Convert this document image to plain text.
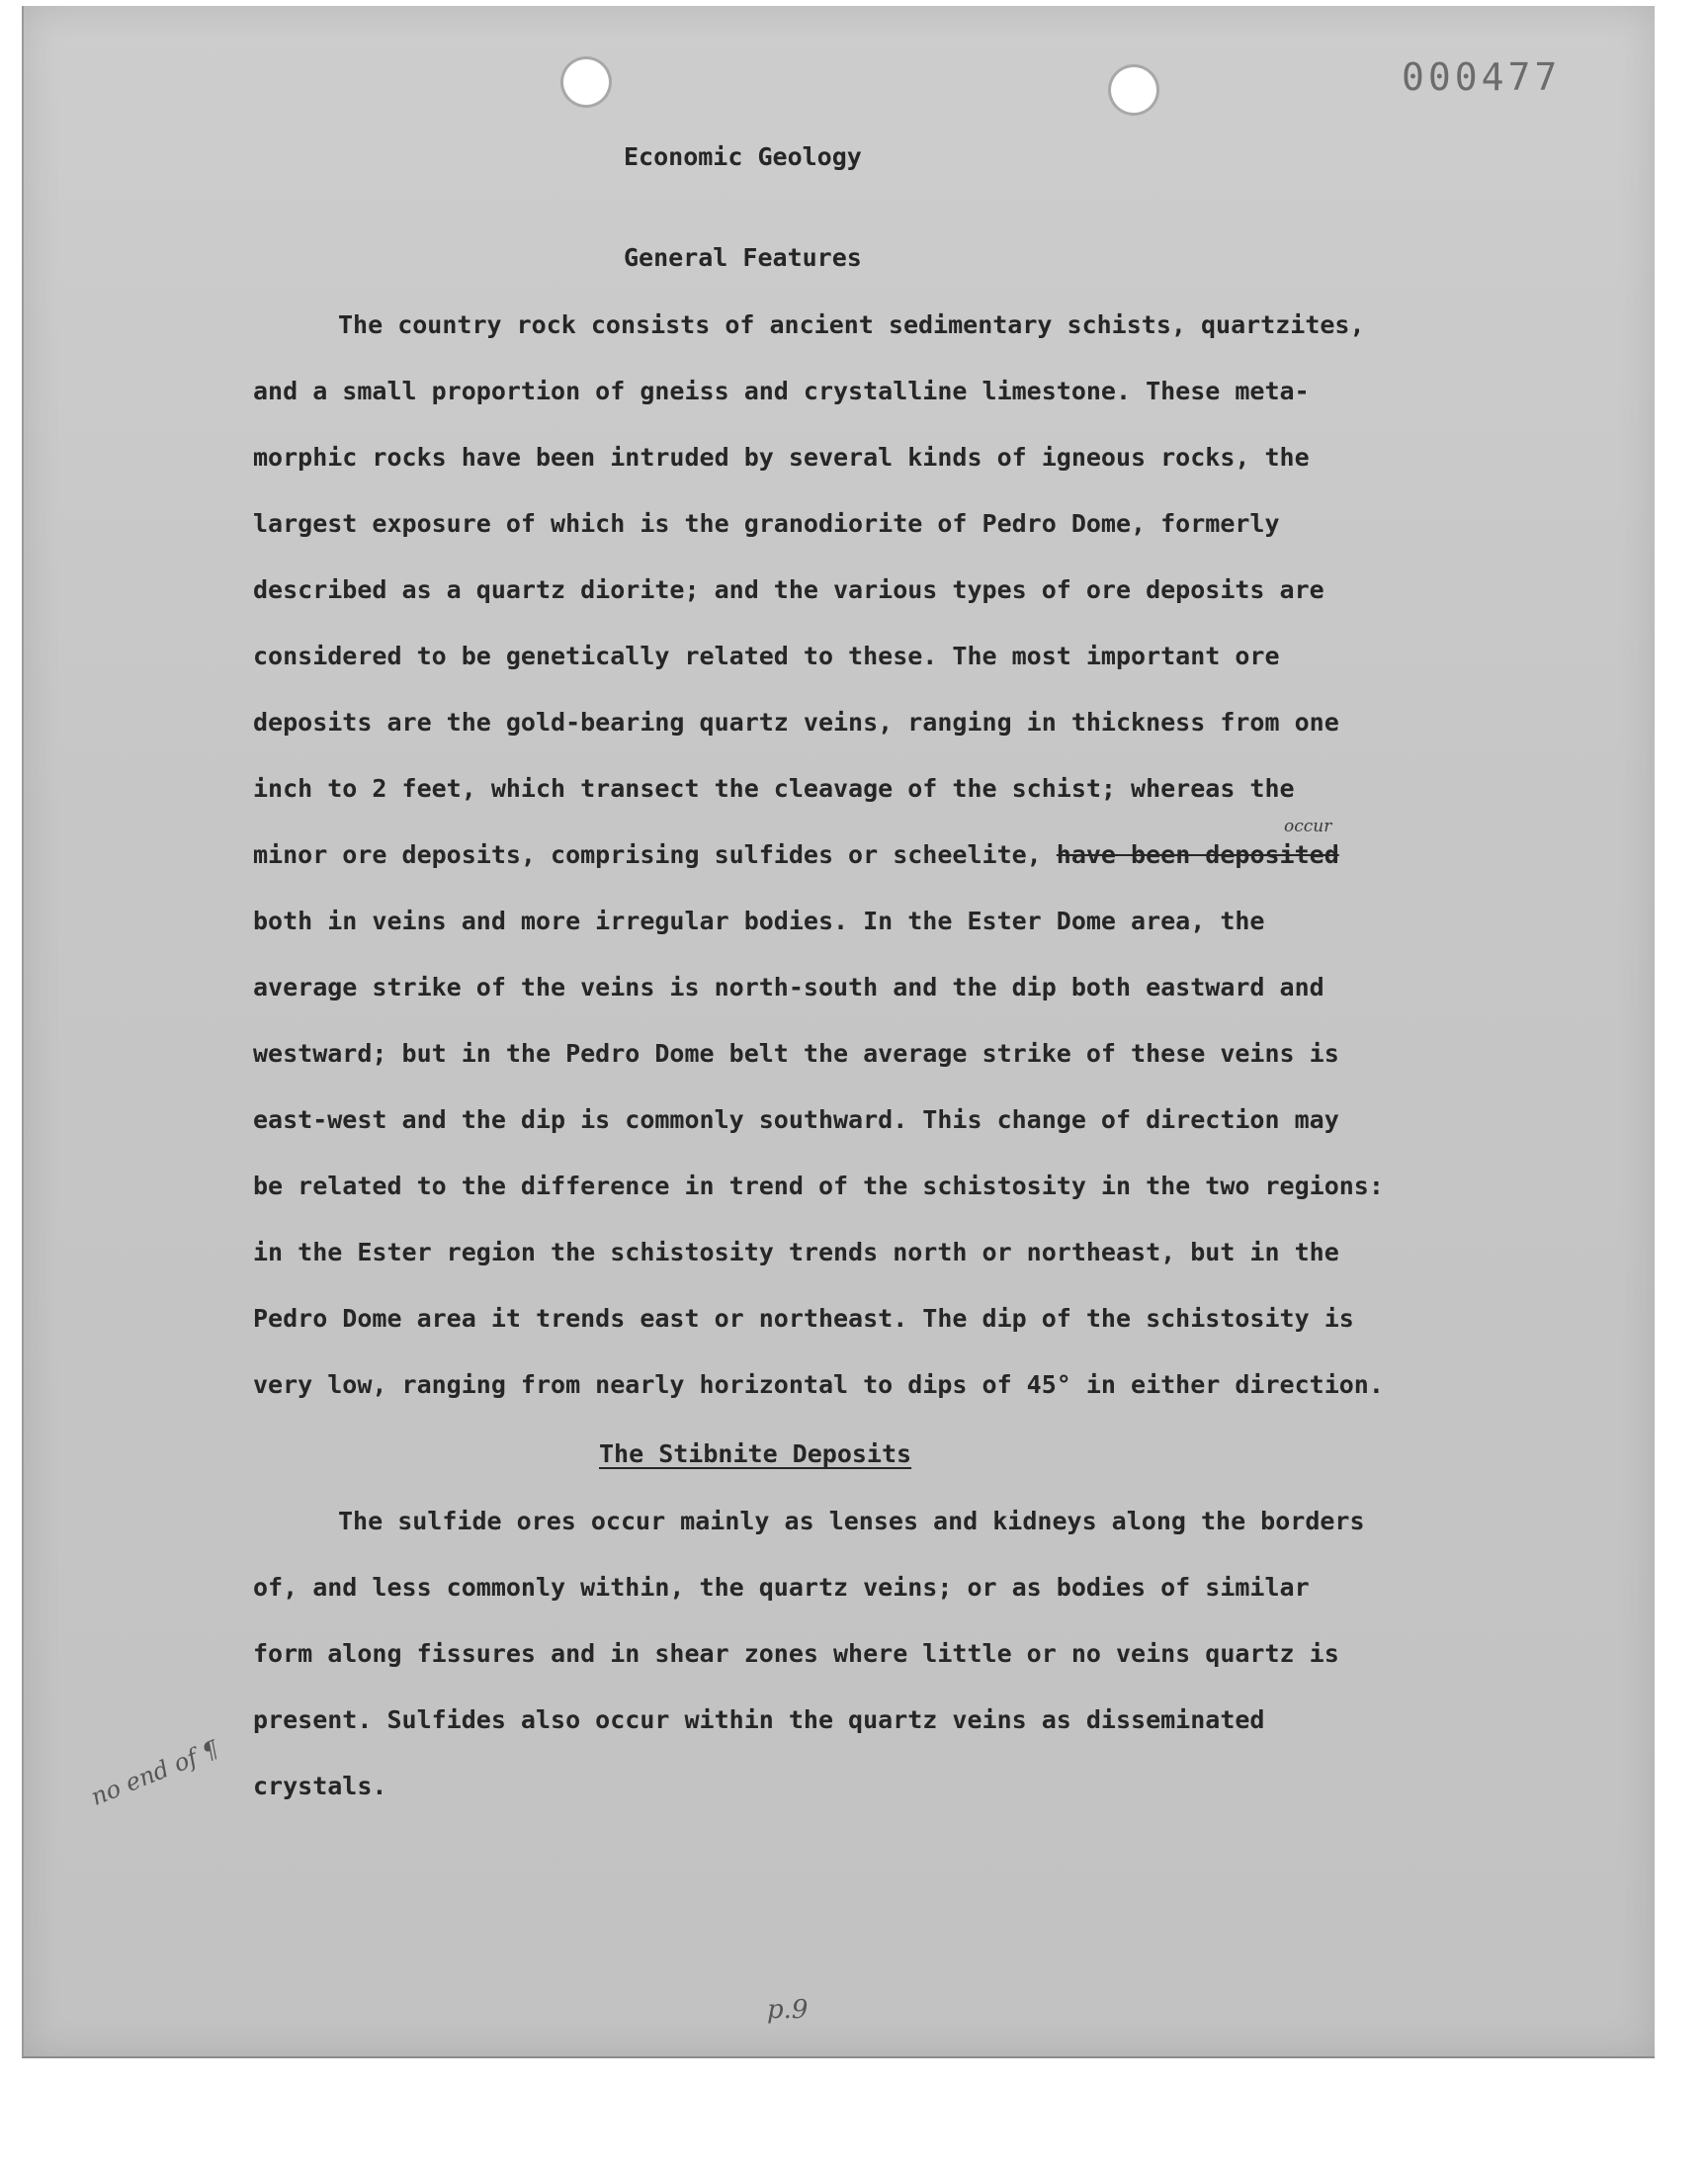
000477
Economic Geology
General Features
The country rock consists of ancient sedimentary schists, quartzites,
and a small proportion of gneiss and crystalline limestone. These meta-
morphic rocks have been intruded by several kinds of igneous rocks, the
largest exposure of which is the granodiorite of Pedro Dome, formerly
described as a quartz diorite; and the various types of ore deposits are
considered to be genetically related to these. The most important ore
deposits are the gold-bearing quartz veins, ranging in thickness from one
inch to 2 feet, which transect the cleavage of the schist; whereas the
minor ore deposits, comprising sulfides or scheelite, have been deposited
occur
both in veins and more irregular bodies. In the Ester Dome area, the
average strike of the veins is north-south and the dip both eastward and
westward; but in the Pedro Dome belt the average strike of these veins is
east-west and the dip is commonly southward. This change of direction may
be related to the difference in trend of the schistosity in the two regions:
in the Ester region the schistosity trends north or northeast, but in the
Pedro Dome area it trends east or northeast. The dip of the schistosity is
very low, ranging from nearly horizontal to dips of 45° in either direction.
The Stibnite Deposits
The sulfide ores occur mainly as lenses and kidneys along the borders
of, and less commonly within, the quartz veins; or as bodies of similar
form along fissures and in shear zones where little or no veins quartz is
present. Sulfides also occur within the quartz veins as disseminated
crystals.
no end of ¶
p.9
